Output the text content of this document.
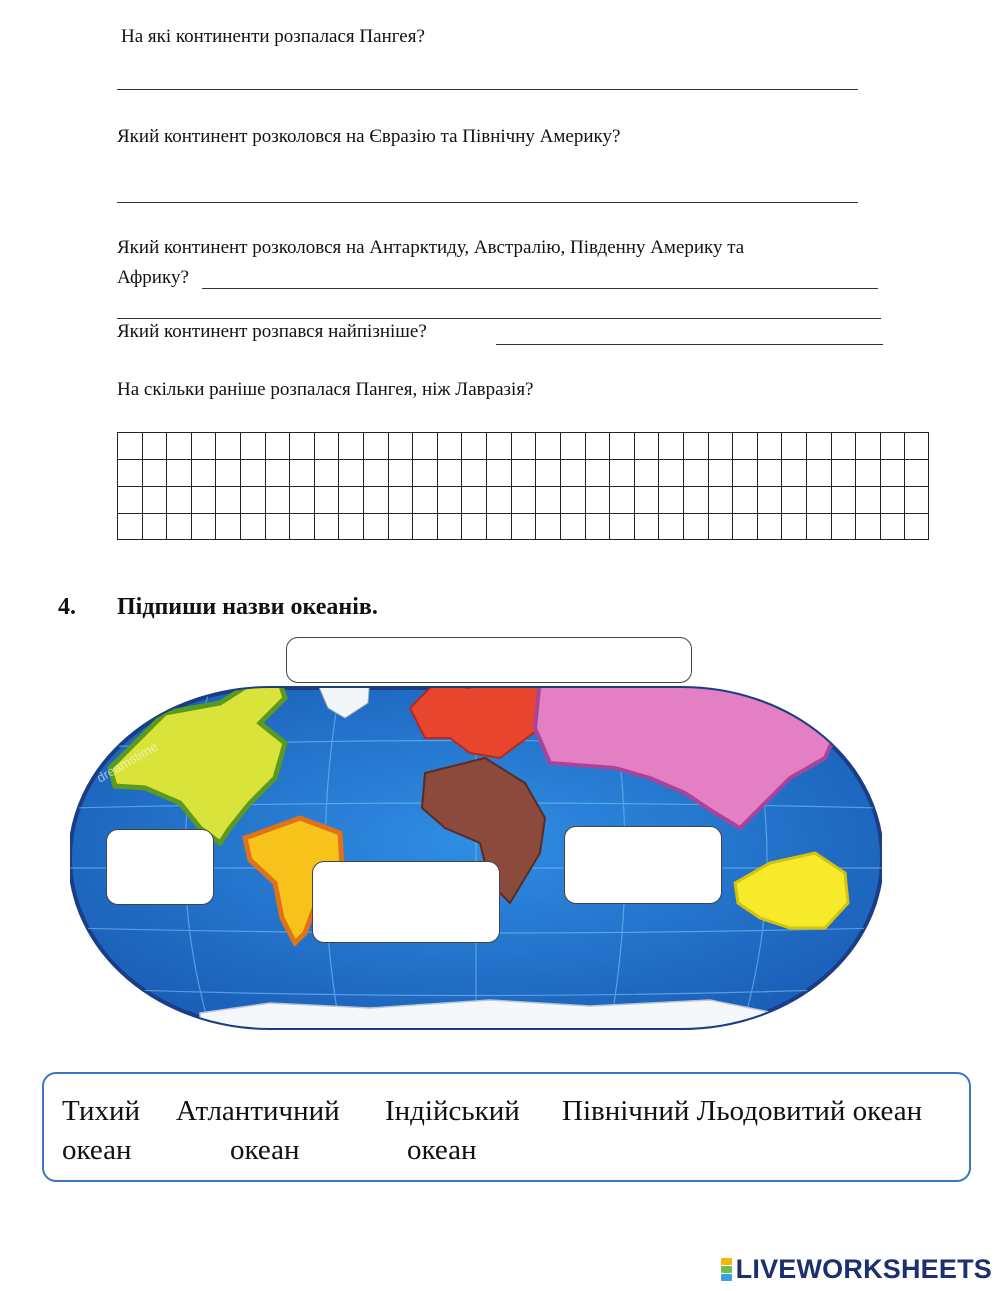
На які континенти розпалася Пангея?
Який континент розколовся на Євразію та Північну Америку?
Який континент розколовся на Антарктиду, Австралію, Південну Америку та
Африку?
Який континент розпався найпізніше?
На скільки раніше розпалася Пангея, ніж Лавразія?
4. Підпиши назви океанів.
dreamstime
Тихий
океан
Атлантичний
океан
Індійський
океан
Північний Льодовитий океан
LIVEWORKSHEETS
